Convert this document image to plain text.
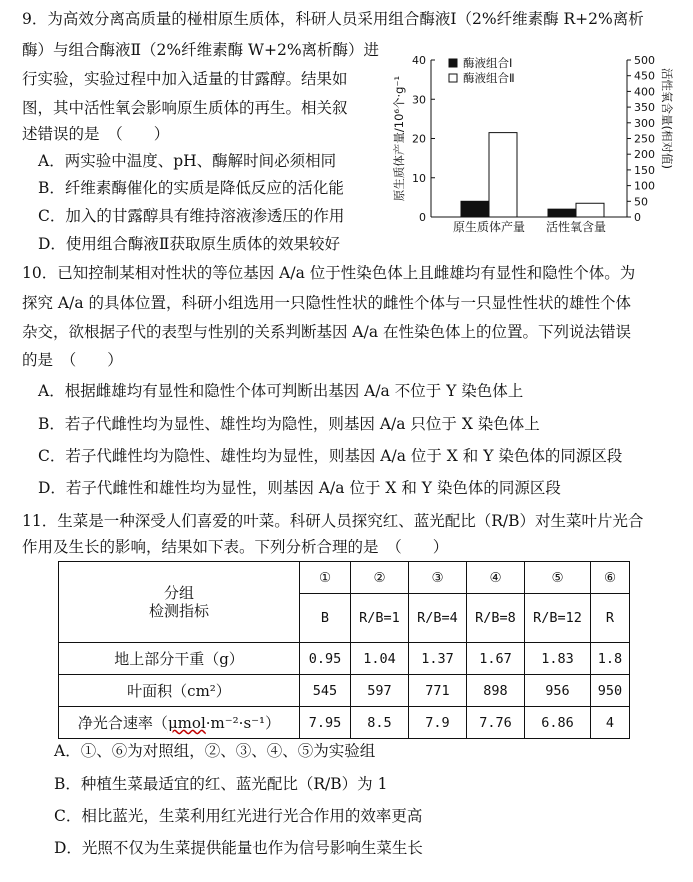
9．为高效分离高质量的椪柑原生质体，科研人员采用组合酶液Ⅰ（2%纤维素酶 R+2%离析
酶）与组合酶液Ⅱ（2%纤维素酶 W+2%离析酶）进
行实验，实验过程中加入适量的甘露醇。结果如
图，其中活性氧会影响原生质体的再生。相关叙
述错误的是　（　　）
A．两实验中温度、pH、酶解时间必须相同
B．纤维素酶催化的实质是降低反应的活化能
C．加入的甘露醇具有维持溶液渗透压的作用
D．使用组合酶液Ⅱ获取原生质体的效果较好
0
10
20
30
40
0
50
100
150
200
250
300
350
400
450
500
原生质体产量/10⁶个·g⁻¹	活性氧含量(相对值)
原生质体产量 活性氧含量
酶液组合Ⅰ
酶液组合Ⅱ
10．已知控制某相对性状的等位基因 A/a 位于性染色体上且雌雄均有显性和隐性个体。为
探究 A/a 的具体位置，科研小组选用一只隐性性状的雌性个体与一只显性性状的雄性个体
杂交，欲根据子代的表型与性别的关系判断基因 A/a 在性染色体上的位置。下列说法错误
的是　（　　）
A．根据雌雄均有显性和隐性个体可判断出基因 A/a 不位于 Y 染色体上
B．若子代雌性均为显性、雄性均为隐性，则基因 A/a 只位于 X 染色体上
C．若子代雌性均为隐性、雄性均为显性，则基因 A/a 位于 X 和 Y 染色体的同源区段
D．若子代雌性和雄性均为显性，则基因 A/a 位于 X 和 Y 染色体的同源区段
11．生菜是一种深受人们喜爱的叶菜。科研人员探究红、蓝光配比（R/B）对生菜叶片光合
作用及生长的影响，结果如下表。下列分析合理的是　（　　）
分组
检测指标	①	②	③	④	⑤	⑥
	B	R/B=1	R/B=4	R/B=8	R/B=12	R
地上部分干重（g）	0.95	1.04	1.37	1.67	1.83	1.8
叶面积（cm²）	545	597	771	898	956	950
净光合速率（μmol·m⁻²·s⁻¹）	7.95	8.5	7.9	7.76	6.86	4
A．①、⑥为对照组，②、③、④、⑤为实验组
B．种植生菜最适宜的红、蓝光配比（R/B）为 1
C．相比蓝光，生菜利用红光进行光合作用的效率更高
D．光照不仅为生菜提供能量也作为信号影响生菜生长
